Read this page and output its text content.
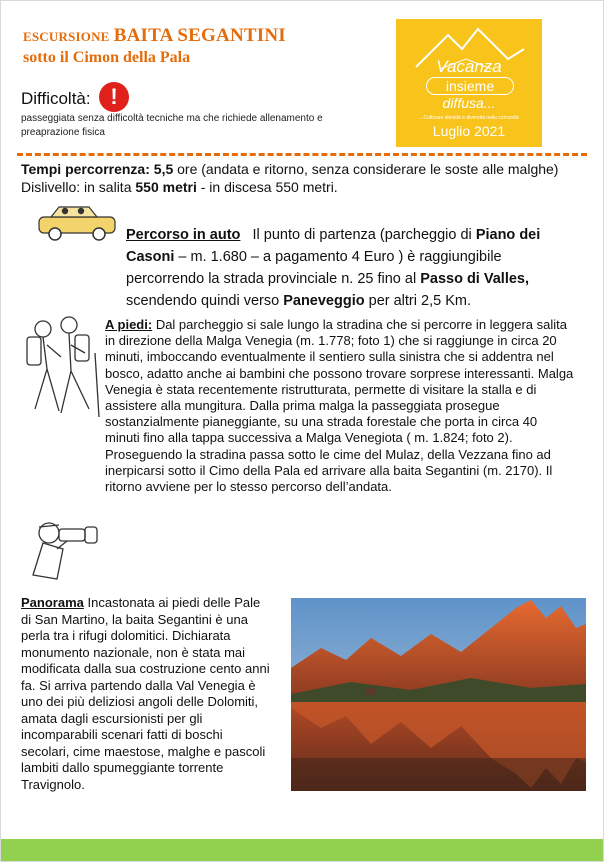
ESCURSIONE BAITA SEGANTINI
sotto il Cimon della Pala
Difficoltà: !
passeggiata senza difficoltà tecniche ma che richiede allenamento e preaprazione fisica
Vacanza
insieme
diffusa...
...Coltivare identità e diversità nella comunità
Luglio 2021
Tempi percorrenza: 5,5 ore (andata e ritorno, senza considerare le soste alle malghe)
Dislivello: in salita 550 metri - in discesa 550 metri.
Percorso in auto Il punto di partenza (parcheggio di Piano dei Casoni – m. 1.680 – a pagamento 4 Euro ) è raggiungibile percorrendo la strada provinciale n. 25 fino al Passo di Valles, scendendo quindi verso Paneveggio per altri 2,5 Km.
A piedi: Dal parcheggio si sale lungo la stradina che si percorre in leggera salita in direzione della Malga Venegia (m. 1.778; foto 1) che si raggiunge in circa 20 minuti, imboccando eventualmente il sentiero sulla sinistra che si addentra nel bosco, adatto anche ai bambini che possono trovare sorprese interessanti. Malga Venegia è stata recentemente ristrutturata, permette di visitare la stalla e di assistere alla mungitura. Dalla prima malga la passeggiata prosegue sostanzialmente pianeggiante, su una strada forestale che porta in circa 40 minuti fino alla tappa successiva a Malga Venegiota ( m. 1.824; foto 2). Proseguendo la stradina passa sotto le cime del Mulaz, della Vezzana fino ad inerpicarsi sotto il Cimo della Pala ed arrivare alla baita Segantini (m. 2170). Il ritorno avviene per lo stesso percorso dell’andata.
Panorama Incastonata ai piedi delle Pale di San Martino, la baita Segantini è una perla tra i rifugi dolomitici. Dichiarata monumento nazionale, non è stata mai modificata dalla sua costruzione cento anni fa. Si arriva partendo dalla Val Venegia è uno dei più deliziosi angoli delle Dolomiti, amata dagli escursionisti per gli incomparabili scenari fatti di boschi secolari, cime maestose, malghe e pascoli lambiti dallo spumeggiante torrente Travignolo.
